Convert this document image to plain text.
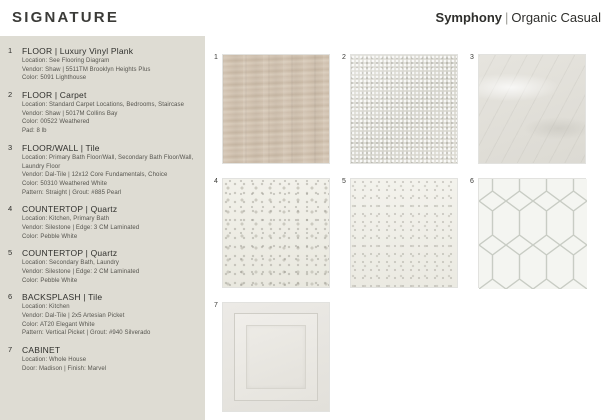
SIGNATURE	Symphony | Organic Casual
1 FLOOR | Luxury Vinyl Plank
Location: See Flooring Diagram
Vendor: Shaw | 5511TM Brooklyn Heights Plus
Color: 5091 Lighthouse
2 FLOOR | Carpet
Location: Standard Carpet Locations, Bedrooms, Staircase
Vendor: Shaw | 5017M Collins Bay
Color: 00522 Weathered
Pad: 8 lb
3 FLOOR/WALL | Tile
Location: Primary Bath Floor/Wall, Secondary Bath Floor/Wall,
Laundry Floor
Vendor: Dal-Tile | 12x12 Core Fundamentals, Choice
Color: 50310 Weathered White
Pattern: Straight | Grout: #885 Pearl
4 COUNTERTOP | Quartz
Location: Kitchen, Primary Bath
Vendor: Silestone | Edge: 3 CM Laminated
Color: Pebble White
5 COUNTERTOP | Quartz
Location: Secondary Bath, Laundry
Vendor: Silestone | Edge: 2 CM Laminated
Color: Pebble White
6 BACKSPLASH | Tile
Location: Kitchen
Vendor: Dal-Tile | 2x5 Artesian Picket
Color: AT20 Elegant White
Pattern: Vertical Picket | Grout: #940 Silverado
7 CABINET
Location: Whole House
Door: Madison | Finish: Marvel
1	2	3
4	5	6
7
